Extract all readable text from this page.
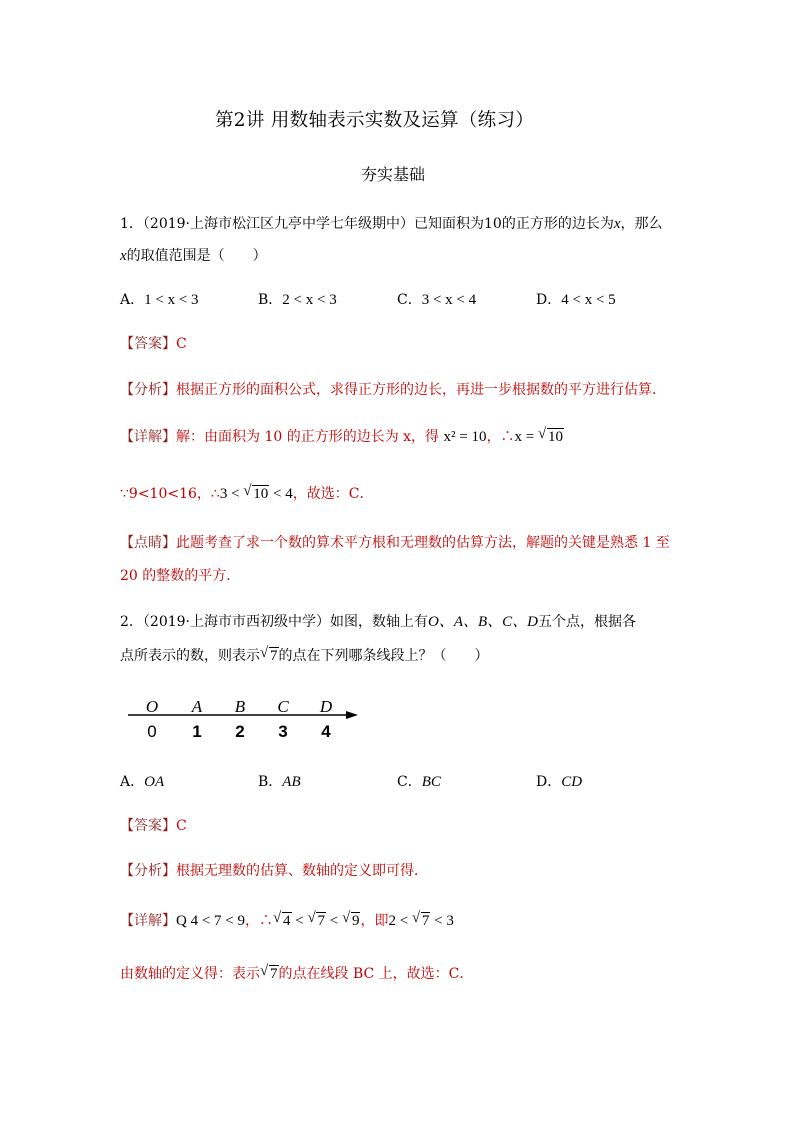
第2讲 用数轴表示实数及运算（练习）
夯实基础
1．（2019·上海市松江区九亭中学七年级期中）已知面积为10的正方形的边长为x，那么
x的取值范围是（　　）
A．1 < x < 3	B．2 < x < 3	C．3 < x < 4	D．4 < x < 5
【答案】C
【分析】根据正方形的面积公式，求得正方形的边长，再进一步根据数的平方进行估算．
【详解】解：由面积为 10 的正方形的边长为 x，得 x² = 10，∴x = √ 10
∵9<10<16，∴3 < √ 10 < 4，故选：C．
【点睛】此题考查了求一个数的算术平方根和无理数的估算方法，解题的关键是熟悉 1 至
20 的整数的平方．
2．（2019·上海市市西初级中学）如图，数轴上有O、A、B、C、D五个点，根据各
点所表示的数，则表示 √ 7的点在下列哪条线段上？（　　）
O A B C D
0 1 2 3 4
A．OA	B．AB	C．BC	D．CD
【答案】C
【分析】根据无理数的估算、数轴的定义即可得．
【详解】Q 4 < 7 < 9，∴ √ 4 < √ 7 < √ 9，即2 < √ 7 < 3
由数轴的定义得：表示 √ 7的点在线段 BC 上，故选：C．
